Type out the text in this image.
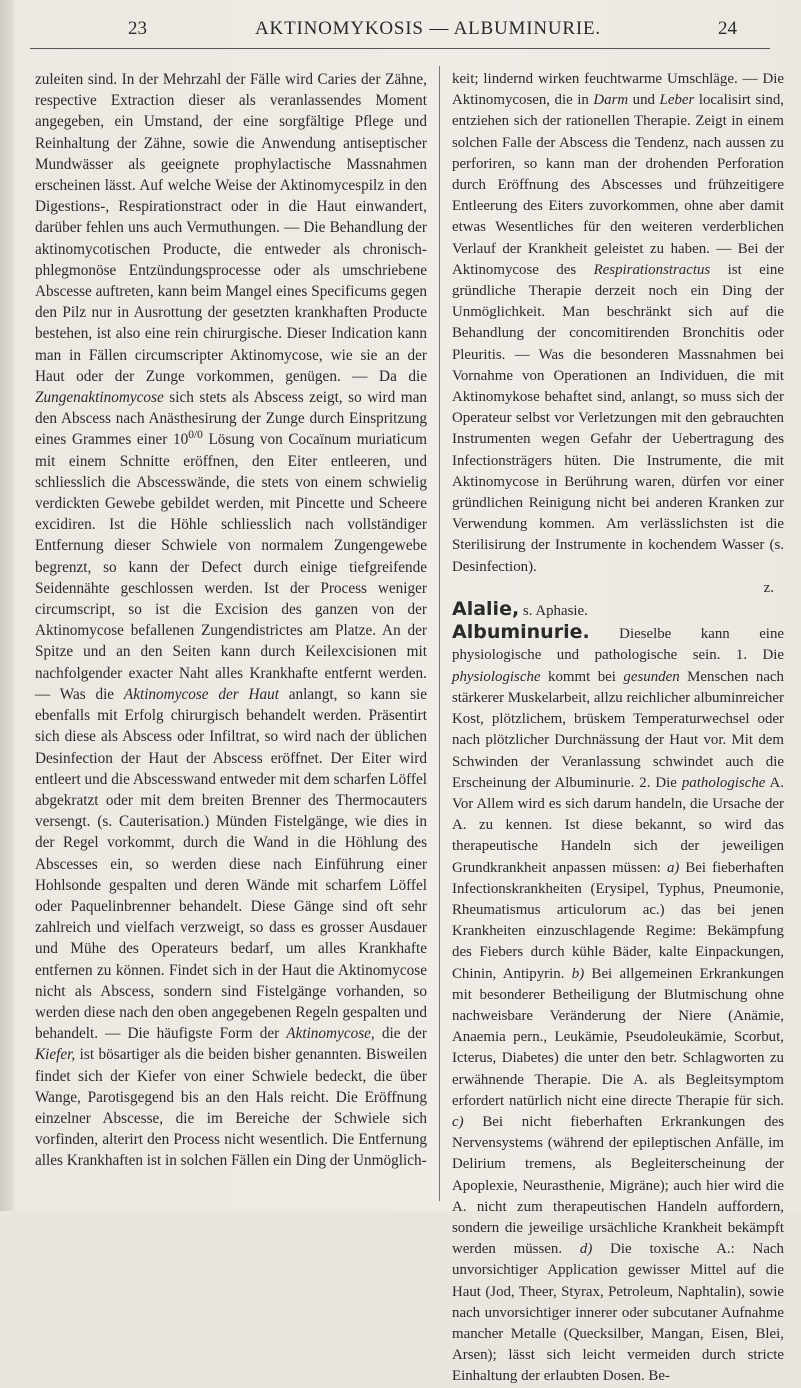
23	AKTINOMYKOSIS — ALBUMINURIE.	24

zuleiten sind. In der Mehrzahl der Fälle wird Caries der Zähne, respective Extraction dieser als veranlassendes Moment angegeben, ein Umstand, der eine sorgfältige Pflege und Reinhaltung der Zähne, sowie die Anwendung antiseptischer Mundwässer als geeignete prophylactische Massnahmen erscheinen lässt. Auf welche Weise der Aktinomycespilz in den Digestions-, Respirationstract oder in die Haut einwandert, darüber fehlen uns auch Vermuthungen. — Die Behandlung der aktinomycotischen Producte, die entweder als chronisch-phlegmonöse Entzündungsprocesse oder als umschriebene Abscesse auftreten, kann beim Mangel eines Specificums gegen den Pilz nur in Ausrottung der gesetzten krankhaften Producte bestehen, ist also eine rein chirurgische. Dieser Indication kann man in Fällen circumscripter Aktinomycose, wie sie an der Haut oder der Zunge vorkommen, genügen. — Da die Zungenaktinomycose sich stets als Abscess zeigt, so wird man den Abscess nach Anästhesirung der Zunge durch Einspritzung eines Grammes einer $10^{0/0}$ Lösung von Cocaïnum muriaticum mit einem Schnitte eröffnen, den Eiter entleeren, und schliesslich die Abscesswände, die stets von einem schwielig verdickten Gewebe gebildet werden, mit Pincette und Scheere excidiren. Ist die Höhle schliesslich nach vollständiger Entfernung dieser Schwiele von normalem Zungengewebe begrenzt, so kann der Defect durch einige tiefgreifende Seidennähte geschlossen werden. Ist der Process weniger circumscript, so ist die Excision des ganzen von der Aktinomycose befallenen Zungendistrictes am Platze. An der Spitze und an den Seiten kann durch Keilexcisionen mit nachfolgender exacter Naht alles Krankhafte entfernt werden. — Was die Aktinomycose der Haut anlangt, so kann sie ebenfalls mit Erfolg chirurgisch behandelt werden. Präsentirt sich diese als Abscess oder Infiltrat, so wird nach der üblichen Desinfection der Haut der Abscess eröffnet. Der Eiter wird entleert und die Abscesswand entweder mit dem scharfen Löffel abgekratzt oder mit dem breiten Brenner des Thermocauters versengt. (s. Cauterisation.) Münden Fistelgänge, wie dies in der Regel vorkommt, durch die Wand in die Höhlung des Abscesses ein, so werden diese nach Einführung einer Hohlsonde gespalten und deren Wände mit scharfem Löffel oder Paquelinbrenner behandelt. Diese Gänge sind oft sehr zahlreich und vielfach verzweigt, so dass es grosser Ausdauer und Mühe des Operateurs bedarf, um alles Krankhafte entfernen zu können. Findet sich in der Haut die Aktinomycose nicht als Abscess, sondern sind Fistelgänge vorhanden, so werden diese nach den oben angegebenen Regeln gespalten und behandelt. — Die häufigste Form der Aktinomycose, die der Kiefer, ist bösartiger als die beiden bisher genannten. Bisweilen findet sich der Kiefer von einer Schwiele bedeckt, die über Wange, Parotisgegend bis an den Hals reicht. Die Eröffnung einzelner Abscesse, die im Bereiche der Schwiele sich vorfinden, alterirt den Process nicht wesentlich. Die Entfernung alles Krankhaften ist in solchen Fällen ein Ding der Unmöglich-

keit; lindernd wirken feuchtwarme Umschläge. — Die Aktinomycosen, die in Darm und Leber localisirt sind, entziehen sich der rationellen Therapie. Zeigt in einem solchen Falle der Abscess die Tendenz, nach aussen zu perforiren, so kann man der drohenden Perforation durch Eröffnung des Abscesses und frühzeitigere Entleerung des Eiters zuvorkommen, ohne aber damit etwas Wesentliches für den weiteren verderblichen Verlauf der Krankheit geleistet zu haben. — Bei der Aktinomycose des Respirationstractus ist eine gründliche Therapie derzeit noch ein Ding der Unmöglichkeit. Man beschränkt sich auf die Behandlung der concomitirenden Bronchitis oder Pleuritis. — Was die besonderen Massnahmen bei Vornahme von Operationen an Individuen, die mit Aktinomykose behaftet sind, anlangt, so muss sich der Operateur selbst vor Verletzungen mit den gebrauchten Instrumenten wegen Gefahr der Uebertragung des Infectionsträgers hüten. Die Instrumente, die mit Aktinomycose in Berührung waren, dürfen vor einer gründlichen Reinigung nicht bei anderen Kranken zur Verwendung kommen. Am verlässlichsten ist die Sterilisirung der Instrumente in kochendem Wasser (s. Desinfection).

z.

Alalie, s. Aphasie.

Albuminurie. Dieselbe kann eine physiologische und pathologische sein. 1. Die physiologische kommt bei gesunden Menschen nach stärkerer Muskelarbeit, allzu reichlicher albuminreicher Kost, plötzlichem, brüskem Temperaturwechsel oder nach plötzlicher Durchnässung der Haut vor. Mit dem Schwinden der Veranlassung schwindet auch die Erscheinung der Albuminurie. 2. Die pathologische A. Vor Allem wird es sich darum handeln, die Ursache der A. zu kennen. Ist diese bekannt, so wird das therapeutische Handeln sich der jeweiligen Grundkrankheit anpassen müssen: a) Bei fieberhaften Infectionskrankheiten (Erysipel, Typhus, Pneumonie, Rheumatismus articulorum ac.) das bei jenen Krankheiten einzuschlagende Regime: Bekämpfung des Fiebers durch kühle Bäder, kalte Einpackungen, Chinin, Antipyrin. b) Bei allgemeinen Erkrankungen mit besonderer Betheiligung der Blutmischung ohne nachweisbare Veränderung der Niere (Anämie, Anaemia pern., Leukämie, Pseudoleukämie, Scorbut, Icterus, Diabetes) die unter den betr. Schlagworten zu erwähnende Therapie. Die A. als Begleitsymptom erfordert natürlich nicht eine directe Therapie für sich. c) Bei nicht fieberhaften Erkrankungen des Nervensystems (während der epileptischen Anfälle, im Delirium tremens, als Begleiterscheinung der Apoplexie, Neurasthenie, Migräne); auch hier wird die A. nicht zum therapeutischen Handeln auffordern, sondern die jeweilige ursächliche Krankheit bekämpft werden müssen. d) Die toxische A.: Nach unvorsichtiger Application gewisser Mittel auf die Haut (Jod, Theer, Styrax, Petroleum, Naphtalin), sowie nach unvorsichtiger innerer oder subcutaner Aufnahme mancher Metalle (Quecksilber, Mangan, Eisen, Blei, Arsen); lässt sich leicht vermeiden durch stricte Einhaltung der erlaubten Dosen. Be-
